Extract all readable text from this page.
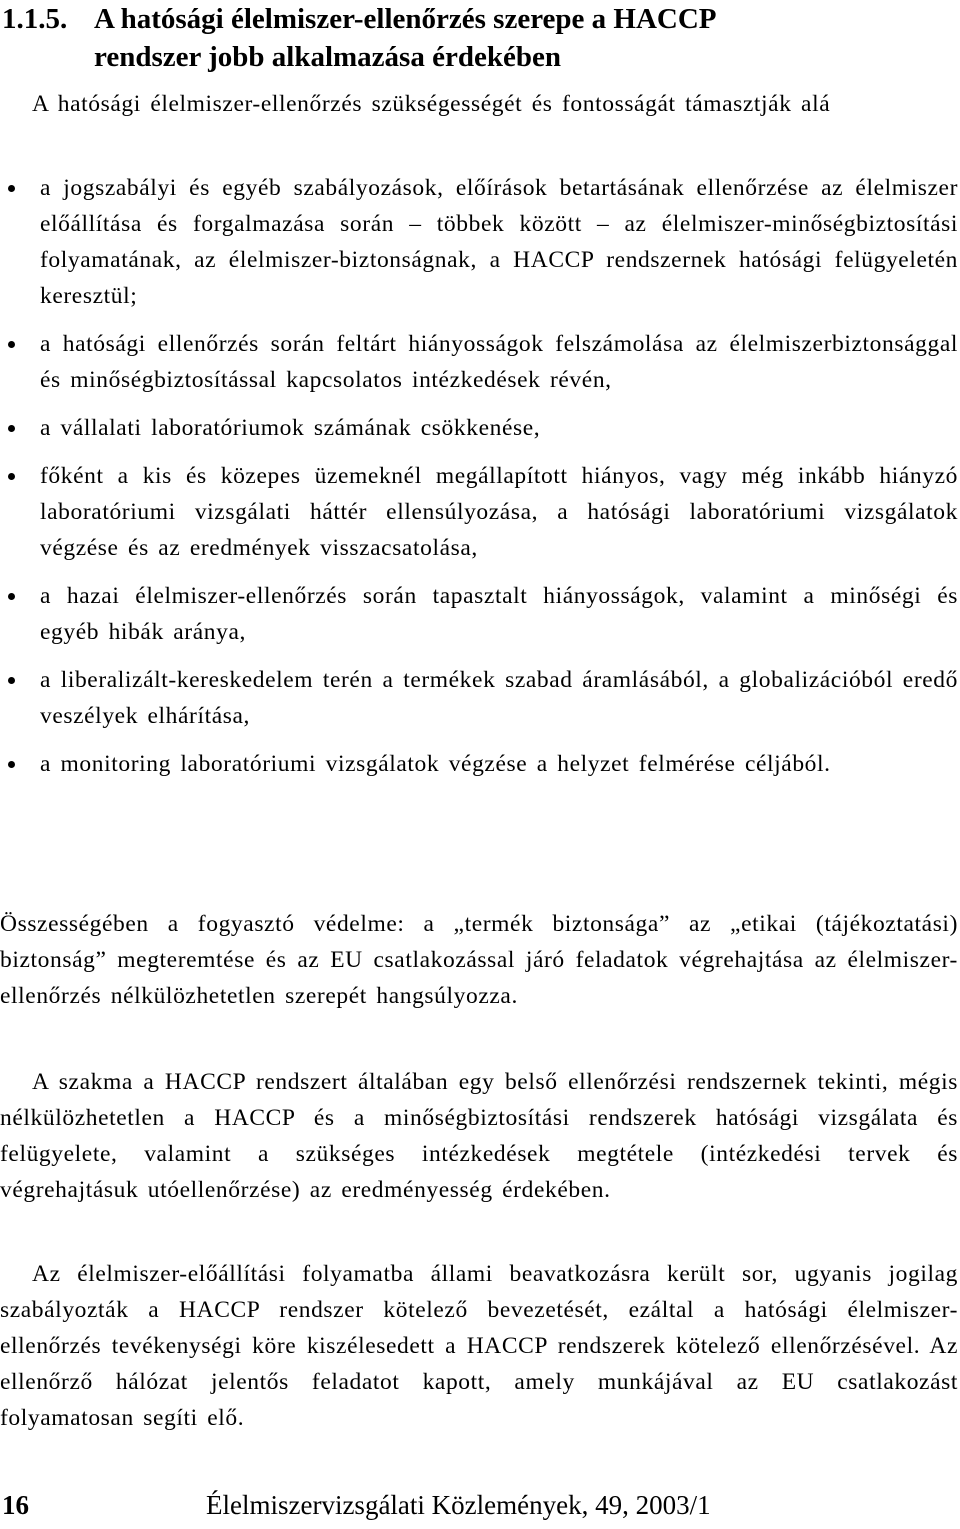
1.1.5. A hatósági élelmiszer-ellenőrzés szerepe a HACCP
rendszer jobb alkalmazása érdekében

A hatósági élelmiszer-ellenőrzés szükségességét és fontosságát támasztják alá

a jogszabályi és egyéb szabályozások, előírások betartásának ellenőrzése az élelmiszer előállítása és forgalmazása során – többek között – az élelmiszer-minőségbiztosítási folyamatának, az élelmiszer-biztonságnak, a HACCP rendszernek hatósági felügyeletén keresztül;
a hatósági ellenőrzés során feltárt hiányosságok felszámolása az élelmiszerbiztonsággal és minőségbiztosítással kapcsolatos intézkedések révén,
a vállalati laboratóriumok számának csökkenése,
főként a kis és közepes üzemeknél megállapított hiányos, vagy még inkább hiányzó laboratóriumi vizsgálati háttér ellensúlyozása, a hatósági laboratóriumi vizsgálatok végzése és az eredmények visszacsatolása,
a hazai élelmiszer-ellenőrzés során tapasztalt hiányosságok, valamint a minőségi és egyéb hibák aránya,
a liberalizált-kereskedelem terén a termékek szabad áramlásából, a globalizációból eredő veszélyek elhárítása,
a monitoring laboratóriumi vizsgálatok végzése a helyzet felmérése céljából.

Összességében a fogyasztó védelme: a „termék biztonsága” az „etikai (tájékoztatási) biztonság” megteremtése és az EU csatlakozással járó feladatok végrehajtása az élelmiszer-ellenőrzés nélkülözhetetlen szerepét hangsúlyozza.

A szakma a HACCP rendszert általában egy belső ellenőrzési rendszernek tekinti, mégis nélkülözhetetlen a HACCP és a minőségbiztosítási rendszerek hatósági vizsgálata és felügyelete, valamint a szükséges intézkedések megtétele (intézkedési tervek és végrehajtásuk utóellenőrzése) az eredményesség érdekében.

Az élelmiszer-előállítási folyamatba állami beavatkozásra került sor, ugyanis jogilag szabályozták a HACCP rendszer kötelező bevezetését, ezáltal a hatósági élelmiszer-ellenőrzés tevékenységi köre kiszélesedett a HACCP rendszerek kötelező ellenőrzésével. Az ellenőrző hálózat jelentős feladatot kapott, amely munkájával az EU csatlakozást folyamatosan segíti elő.

16	Élelmiszervizsgálati Közlemények, 49, 2003/1
